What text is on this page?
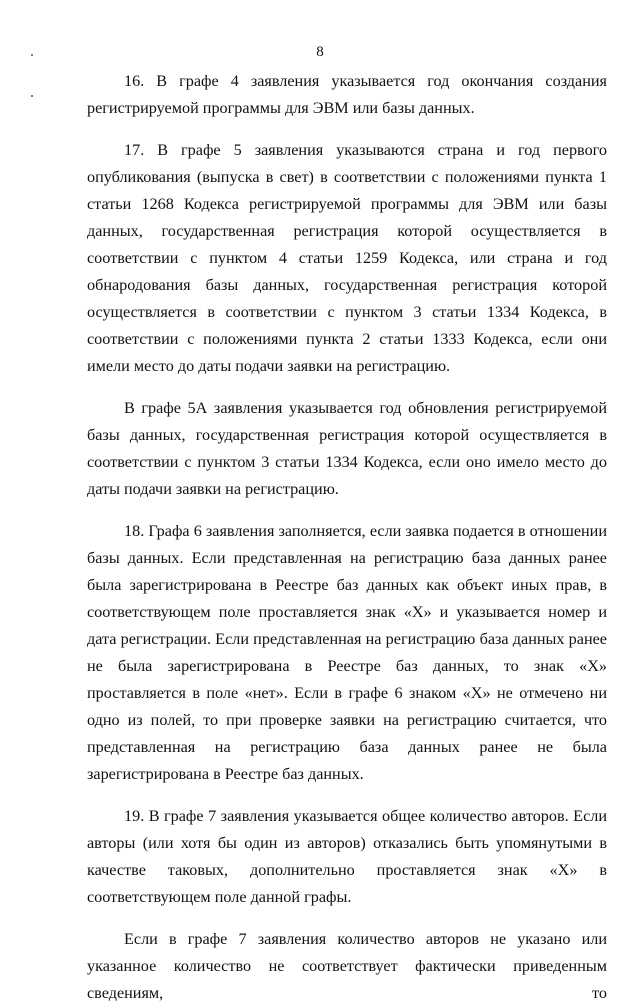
8

16. В графе 4 заявления указывается год окончания создания регистрируемой программы для ЭВМ или базы данных.

17. В графе 5 заявления указываются страна и год первого опубликования (выпуска в свет) в соответствии с положениями пункта 1 статьи 1268 Кодекса регистрируемой программы для ЭВМ или базы данных, государственная регистрация которой осуществляется в соответствии с пунктом 4 статьи 1259 Кодекса, или страна и год обнародования базы данных, государственная регистрация которой осуществляется в соответствии с пунктом 3 статьи 1334 Кодекса, в соответствии с положениями пункта 2 статьи 1333 Кодекса, если они имели место до даты подачи заявки на регистрацию.

В графе 5А заявления указывается год обновления регистрируемой базы данных, государственная регистрация которой осуществляется в соответствии с пунктом 3 статьи 1334 Кодекса, если оно имело место до даты подачи заявки на регистрацию.

18. Графа 6 заявления заполняется, если заявка подается в отношении базы данных. Если представленная на регистрацию база данных ранее была зарегистрирована в Реестре баз данных как объект иных прав, в соответствующем поле проставляется знак «Х» и указывается номер и дата регистрации. Если представленная на регистрацию база данных ранее не была зарегистрирована в Реестре баз данных, то знак «Х» проставляется в поле «нет». Если в графе 6 знаком «Х» не отмечено ни одно из полей, то при проверке заявки на регистрацию считается, что представленная на регистрацию база данных ранее не была зарегистрирована в Реестре баз данных.

19. В графе 7 заявления указывается общее количество авторов. Если авторы (или хотя бы один из авторов) отказались быть упомянутыми в качестве таковых, дополнительно проставляется знак «Х» в соответствующем поле данной графы.

Если в графе 7 заявления количество авторов не указано или указанное количество не соответствует фактически приведенным сведениям, то
